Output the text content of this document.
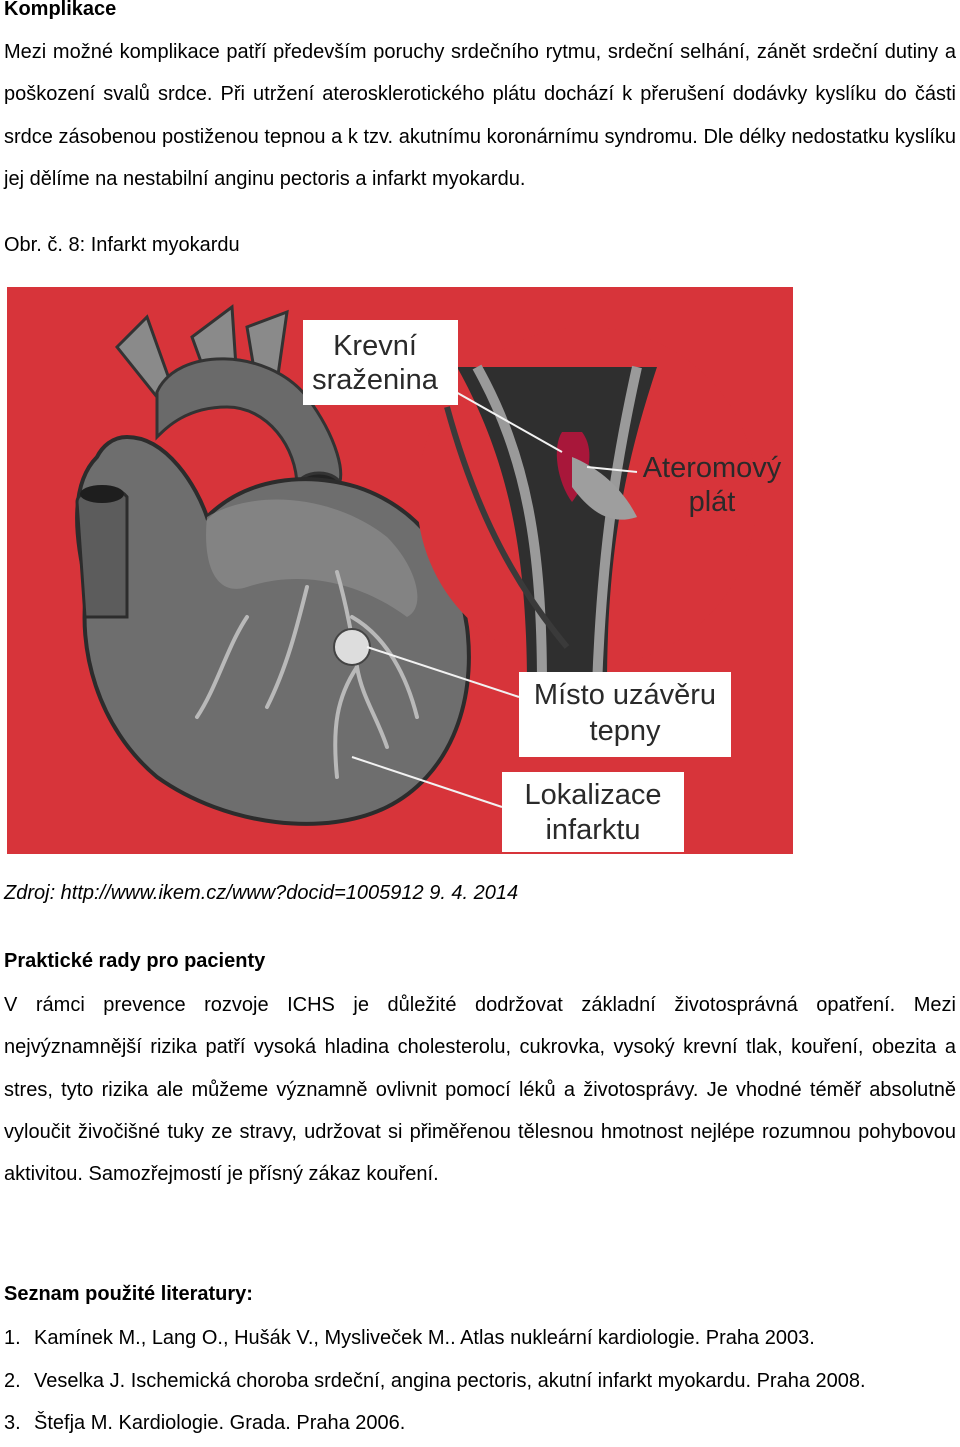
Komplikace

Mezi možné komplikace patří především poruchy srdečního rytmu, srdeční selhání, zánět srdeční dutiny a poškození svalů srdce. Při utržení aterosklerotického plátu dochází k přerušení dodávky kyslíku do části srdce zásobenou postiženou tepnou a k tzv. akutnímu koronárnímu syndromu. Dle délky nedostatku kyslíku jej dělíme na nestabilní anginu pectoris a infarkt myokardu.

Obr. č. 8: Infarkt myokardu
Krevní
sraženina
Ateromový
plát
Místo uzávěru
tepny
Lokalizace
infarktu
Zdroj: http://www.ikem.cz/www?docid=1005912 9. 4. 2014
Praktické rady pro pacienty

V rámci prevence rozvoje ICHS je důležité dodržovat základní životosprávná opatření. Mezi nejvýznamnější rizika patří vysoká hladina cholesterolu, cukrovka, vysoký krevní tlak, kouření, obezita a stres, tyto rizika ale můžeme významně ovlivnit pomocí léků a životosprávy. Je vhodné téměř absolutně vyloučit živočišné tuky ze stravy, udržovat si přiměřenou tělesnou hmotnost nejlépe rozumnou pohybovou aktivitou. Samozřejmostí je přísný zákaz kouření.

Seznam použité literatury:
1. Kamínek M., Lang O., Hušák V., Mysliveček M.. Atlas nukleární kardiologie. Praha 2003.
2. Veselka J. Ischemická choroba srdeční, angina pectoris, akutní infarkt myokardu. Praha 2008.
3. Štefja M. Kardiologie. Grada. Praha 2006.
